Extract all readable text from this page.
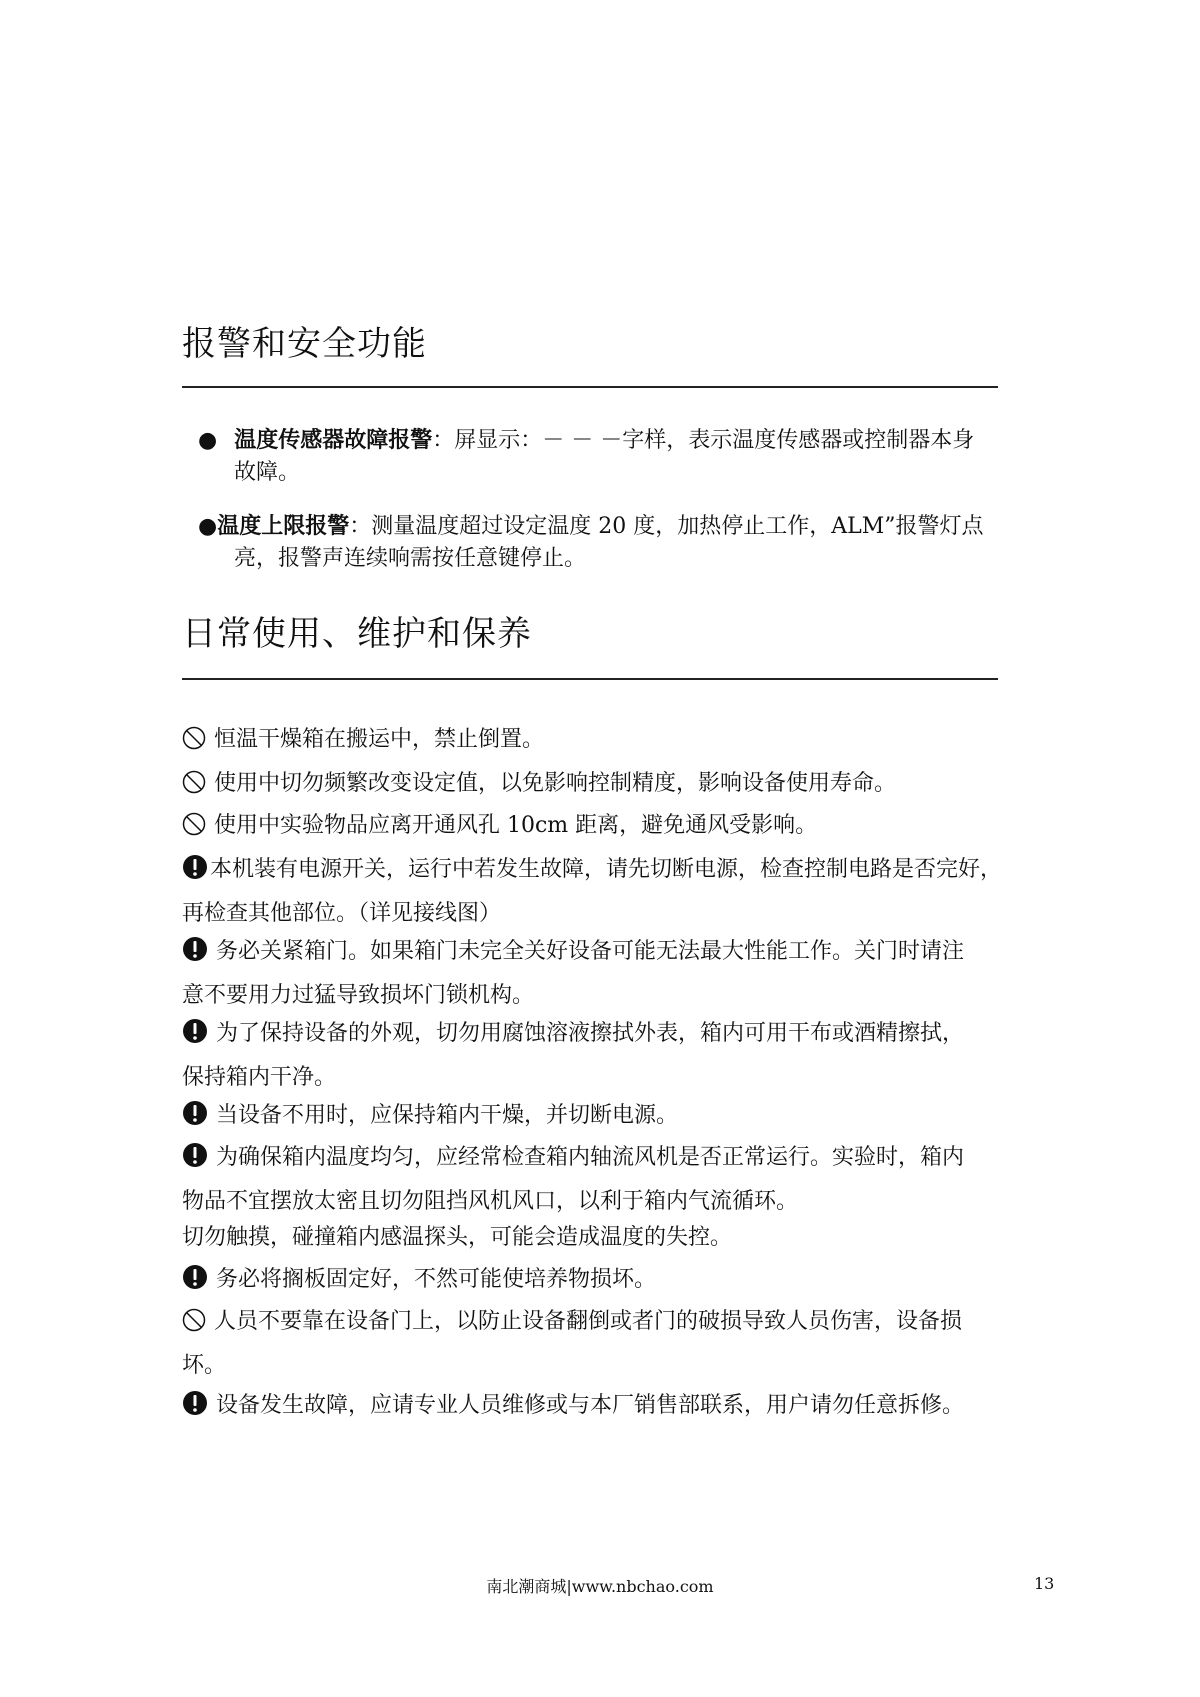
报警和安全功能
● 温度传感器故障报警：屏显示：－ － －字样，表示温度传感器或控制器本身
故障。
●温度上限报警：测量温度超过设定温度 20 度，加热停止工作，ALM”报警灯点
亮，报警声连续响需按任意键停止。
日常使用、维护和保养
恒温干燥箱在搬运中，禁止倒置。
使用中切勿频繁改变设定值，以免影响控制精度，影响设备使用寿命。
使用中实验物品应离开通风孔 10cm 距离，避免通风受影响。
本机装有电源开关，运行中若发生故障，请先切断电源，检查控制电路是否完好，
再检查其他部位。（详见接线图）
务必关紧箱门。如果箱门未完全关好设备可能无法最大性能工作。关门时请注
意不要用力过猛导致损坏门锁机构。
为了保持设备的外观，切勿用腐蚀溶液擦拭外表，箱内可用干布或酒精擦拭，
保持箱内干净。
当设备不用时，应保持箱内干燥，并切断电源。
为确保箱内温度均匀，应经常检查箱内轴流风机是否正常运行。实验时，箱内
物品不宜摆放太密且切勿阻挡风机风口，以利于箱内气流循环。
切勿触摸，碰撞箱内感温探头，可能会造成温度的失控。
务必将搁板固定好，不然可能使培养物损坏。
人员不要靠在设备门上，以防止设备翻倒或者门的破损导致人员伤害，设备损
坏。
设备发生故障，应请专业人员维修或与本厂销售部联系，用户请勿任意拆修。
南北潮商城|www.nbchao.com	13
